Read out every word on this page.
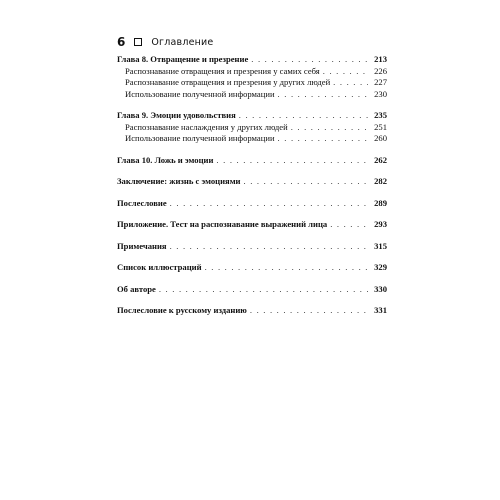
6	Оглавление
Глава 8. Отвращение и презрение . . .	213
Распознавание отвращения и презрения у самих себя . . .	226
Распознавание отвращения и презрения у других людей . . .	227
Использование полученной информации . . .	230
Глава 9. Эмоции удовольствия . . .	235
Распознавание наслаждения у других людей . . .	251
Использование полученной информации . . .	260
Глава 10. Ложь и эмоции . . .	262
Заключение: жизнь с эмоциями . . .	282
Послесловие . . .	289
Приложение. Тест на распознавание выражений лица . . .	293
Примечания . . .	315
Список иллюстраций . . .	329
Об авторе . . .	330
Послесловие к русскому изданию . . .	331
